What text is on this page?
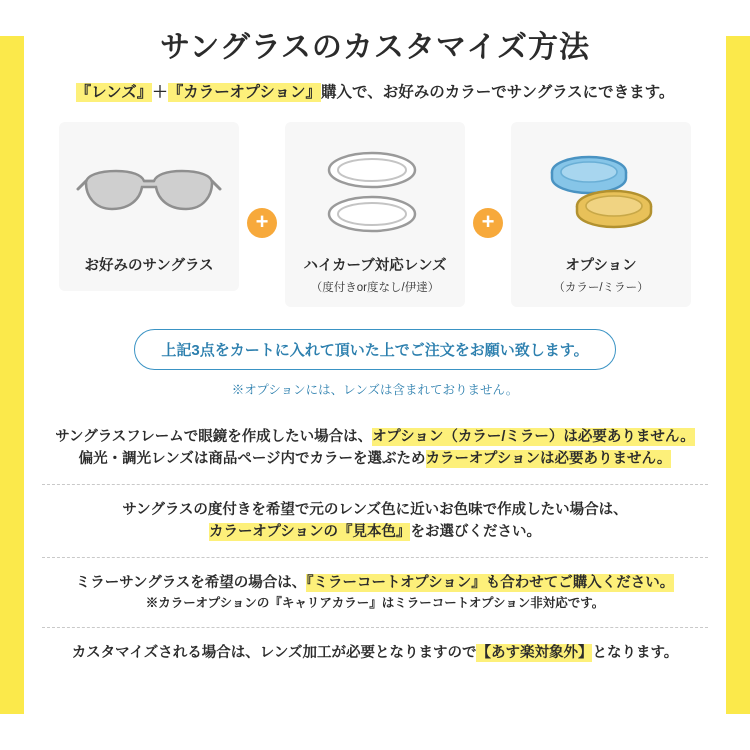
サングラスのカスタマイズ方法
『レンズ』＋『カラーオプション』購入で、お好みのカラーでサングラスにできます。
お好みのサングラス
+
ハイカーブ対応レンズ
（度付きor度なし/伊達）
+
オプション
（カラー/ミラー）
上記3点をカートに入れて頂いた上でご注文をお願い致します。
※オプションには、レンズは含まれておりません。
サングラスフレームで眼鏡を作成したい場合は、オプション（カラー/ミラー）は必要ありません。
偏光・調光レンズは商品ページ内でカラーを選ぶためカラーオプションは必要ありません。
サングラスの度付きを希望で元のレンズ色に近いお色味で作成したい場合は、
カラーオプションの『見本色』をお選びください。
ミラーサングラスを希望の場合は、『ミラーコートオプション』も合わせてご購入ください。
※カラーオプションの『キャリアカラー』はミラーコートオプション非対応です。
カスタマイズされる場合は、レンズ加工が必要となりますので【あす楽対象外】となります。
